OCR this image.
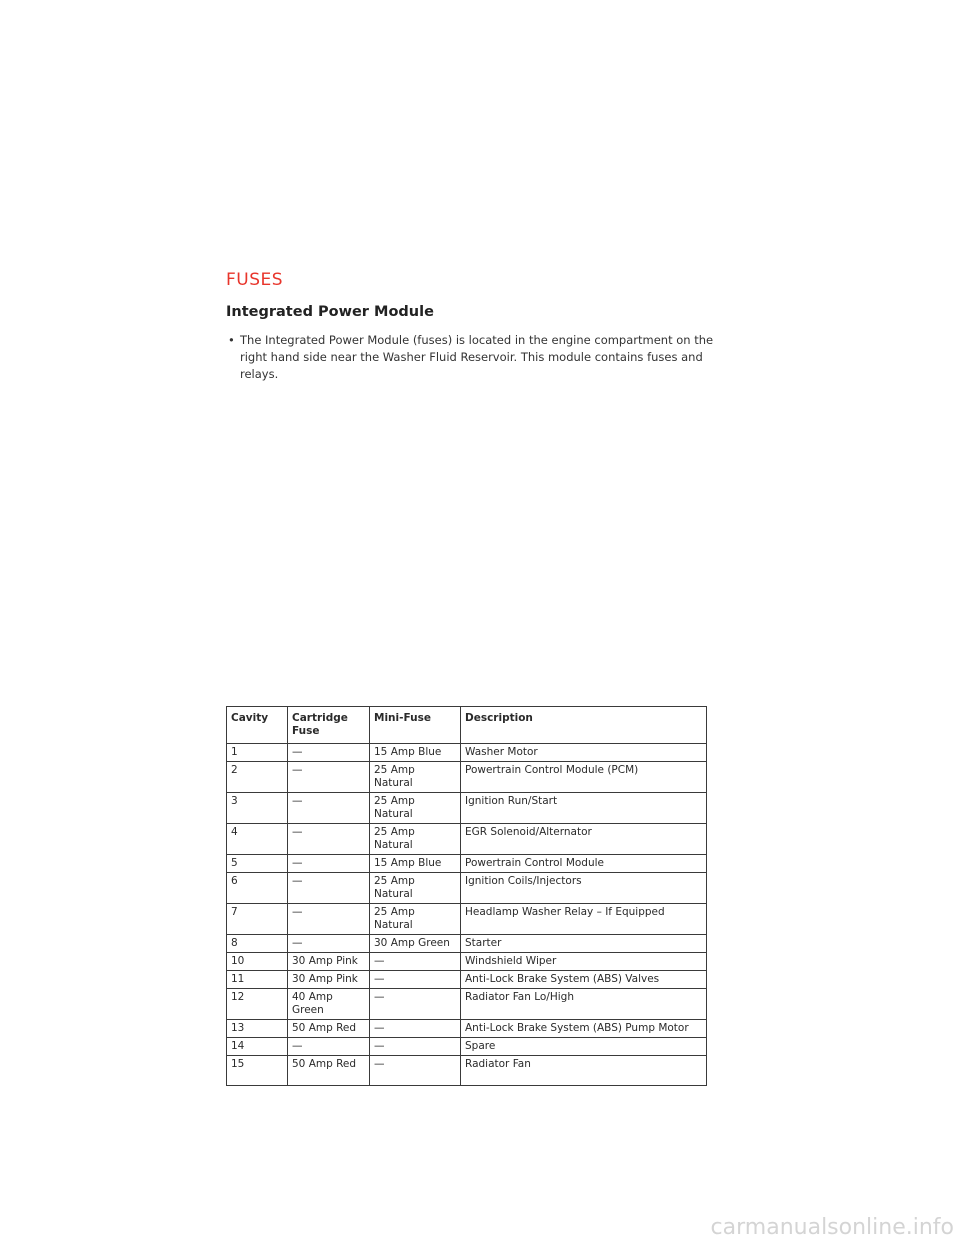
FUSES
Integrated Power Module
• The Integrated Power Module (fuses) is located in the engine compartment on the right hand side near the Washer Fluid Reservoir. This module contains fuses and relays.
Cavity	Cartridge Fuse	Mini-Fuse	Description
1	—	15 Amp Blue	Washer Motor
2	—	25 Amp Natural	Powertrain Control Module (PCM)
3	—	25 Amp Natural	Ignition Run/Start
4	—	25 Amp Natural	EGR Solenoid/Alternator
5	—	15 Amp Blue	Powertrain Control Module
6	—	25 Amp Natural	Ignition Coils/Injectors
7	—	25 Amp Natural	Headlamp Washer Relay – If Equipped
8	—	30 Amp Green	Starter
10	30 Amp Pink	—	Windshield Wiper
11	30 Amp Pink	—	Anti-Lock Brake System (ABS) Valves
12	40 Amp Green	—	Radiator Fan Lo/High
13	50 Amp Red	—	Anti-Lock Brake System (ABS) Pump Motor
14	—	—	Spare
15	50 Amp Red	—	Radiator Fan
carmanualsonline.info
